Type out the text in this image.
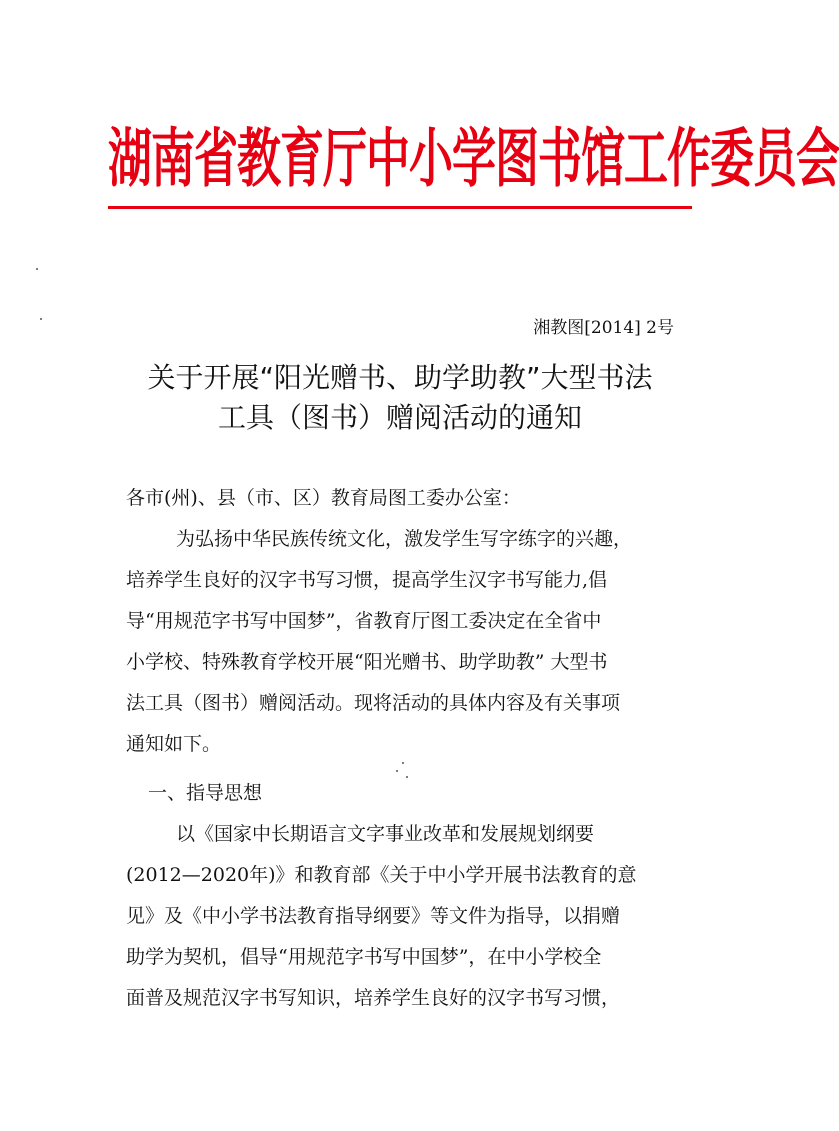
湖南省教育厅中小学图书馆工作委员会
湘教图[2014] 2号
关于开展“阳光赠书、助学助教”大型书法
工具（图书）赠阅活动的通知
各市(州)、县（市、区）教育局图工委办公室：
为弘扬中华民族传统文化，激发学生写字练字的兴趣，
培养学生良好的汉字书写习惯，提高学生汉字书写能力,倡
导“用规范字书写中国梦”，省教育厅图工委决定在全省中
小学校、特殊教育学校开展“阳光赠书、助学助教” 大型书
法工具（图书）赠阅活动。现将活动的具体内容及有关事项
通知如下。
一、指导思想
以《国家中长期语言文字事业改革和发展规划纲要
(2012—2020年)》和教育部《关于中小学开展书法教育的意
见》及《中小学书法教育指导纲要》等文件为指导，以捐赠
助学为契机，倡导“用规范字书写中国梦”，在中小学校全
面普及规范汉字书写知识，培养学生良好的汉字书写习惯，
